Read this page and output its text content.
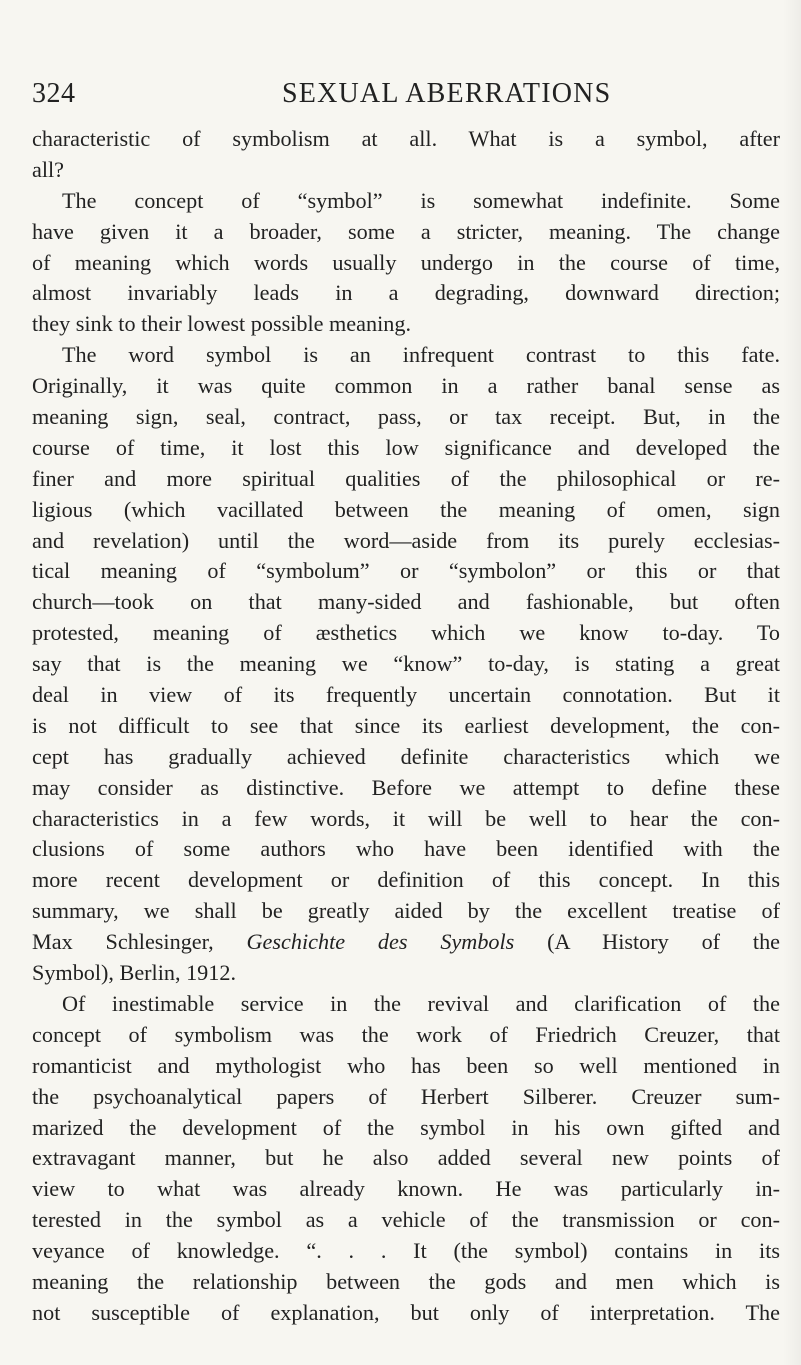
324	SEXUAL ABERRATIONS
characteristic of symbolism at all. What is a symbol, after
all?
The concept of “symbol” is somewhat indefinite. Some
have given it a broader, some a stricter, meaning. The change
of meaning which words usually undergo in the course of time,
almost invariably leads in a degrading, downward direction;
they sink to their lowest possible meaning.
The word symbol is an infrequent contrast to this fate.
Originally, it was quite common in a rather banal sense as
meaning sign, seal, contract, pass, or tax receipt. But, in the
course of time, it lost this low significance and developed the
finer and more spiritual qualities of the philosophical or re-
ligious (which vacillated between the meaning of omen, sign
and revelation) until the word—aside from its purely ecclesias-
tical meaning of “symbolum” or “symbolon” or this or that
church—took on that many-sided and fashionable, but often
protested, meaning of æsthetics which we know to-day. To
say that is the meaning we “know” to-day, is stating a great
deal in view of its frequently uncertain connotation. But it
is not difficult to see that since its earliest development, the con-
cept has gradually achieved definite characteristics which we
may consider as distinctive. Before we attempt to define these
characteristics in a few words, it will be well to hear the con-
clusions of some authors who have been identified with the
more recent development or definition of this concept. In this
summary, we shall be greatly aided by the excellent treatise of
Max Schlesinger, Geschichte des Symbols (A History of the
Symbol), Berlin, 1912.
Of inestimable service in the revival and clarification of the
concept of symbolism was the work of Friedrich Creuzer, that
romanticist and mythologist who has been so well mentioned in
the psychoanalytical papers of Herbert Silberer. Creuzer sum-
marized the development of the symbol in his own gifted and
extravagant manner, but he also added several new points of
view to what was already known. He was particularly in-
terested in the symbol as a vehicle of the transmission or con-
veyance of knowledge. “. . . It (the symbol) contains in its
meaning the relationship between the gods and men which is
not susceptible of explanation, but only of interpretation. The
